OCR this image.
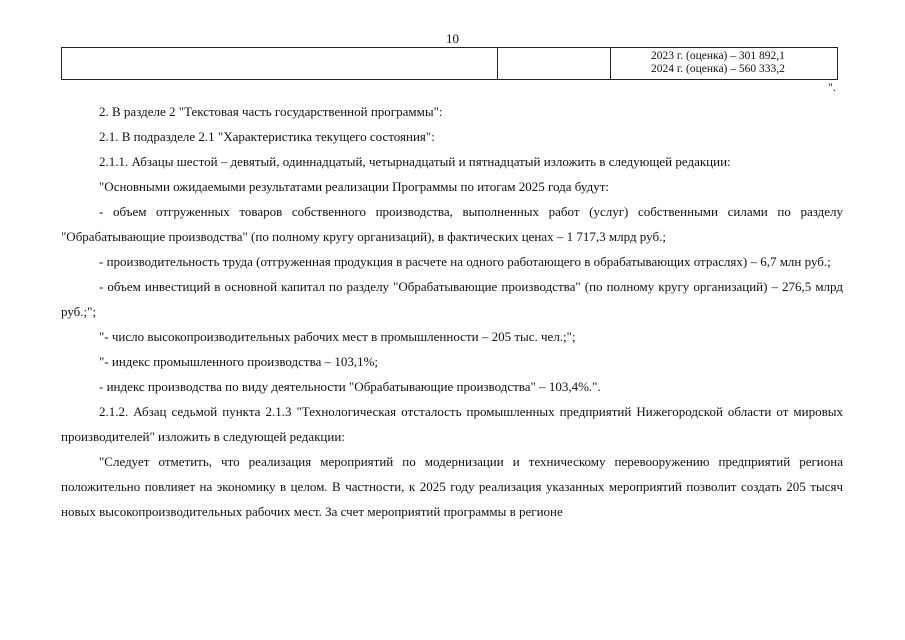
10

2023 г. (оценка) – 301 892,1
2024 г. (оценка) – 560 333,2
".

2. В разделе 2 "Текстовая часть государственной программы":

2.1. В подразделе 2.1 "Характеристика текущего состояния":

2.1.1. Абзацы шестой – девятый, одиннадцатый, четырнадцатый и пятнадцатый изложить в следующей редакции:

"Основными ожидаемыми результатами реализации Программы по итогам 2025 года будут:

- объем отгруженных товаров собственного производства, выполненных работ (услуг) собственными силами по разделу "Обрабатывающие производства" (по полному кругу организаций), в фактических ценах – 1 717,3 млрд руб.;

- производительность труда (отгруженная продукция в расчете на одного работающего в обрабатывающих отраслях) – 6,7 млн руб.;

- объем инвестиций в основной капитал по разделу "Обрабатывающие производства" (по полному кругу организаций) – 276,5 млрд руб.;";

"- число высокопроизводительных рабочих мест в промышленности – 205 тыс. чел.;";

"- индекс промышленного производства – 103,1%;

- индекс производства по виду деятельности "Обрабатывающие производства" – 103,4%.".

2.1.2. Абзац седьмой пункта 2.1.3 "Технологическая отсталость промышленных предприятий Нижегородской области от мировых производителей" изложить в следующей редакции:

"Следует отметить, что реализация мероприятий по модернизации и техническому перевооружению предприятий региона положительно повлияет на экономику в целом. В частности, к 2025 году реализация указанных мероприятий позволит создать 205 тысяч новых высокопроизводительных рабочих мест. За счет мероприятий программы в регионе
